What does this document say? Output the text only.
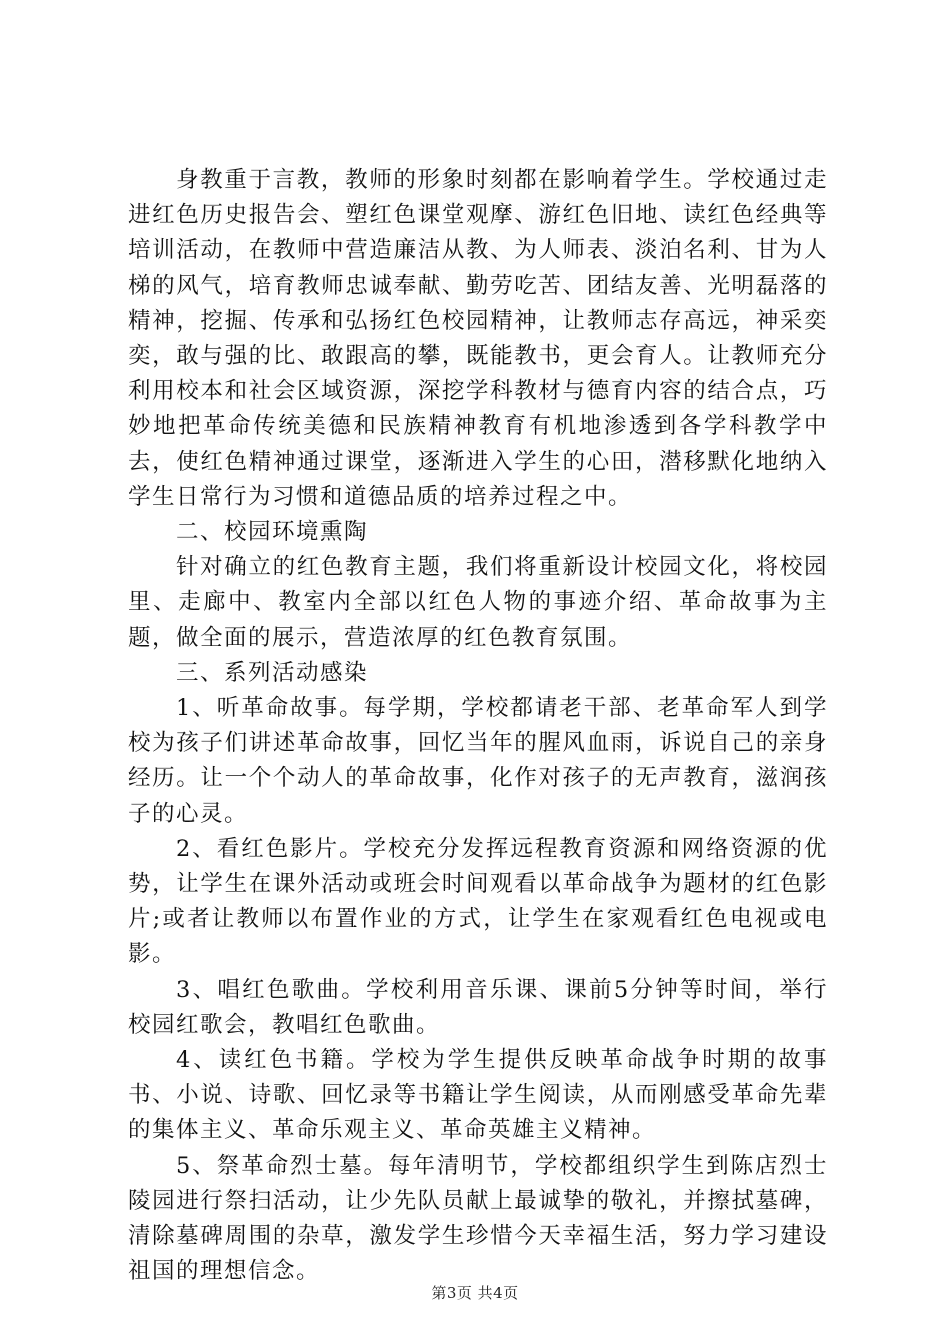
身教重于言教，教师的形象时刻都在影响着学生。学校通过走进红色历史报告会、塑红色课堂观摩、游红色旧地、读红色经典等培训活动，在教师中营造廉洁从教、为人师表、淡泊名利、甘为人梯的风气，培育教师忠诚奉献、勤劳吃苦、团结友善、光明磊落的精神，挖掘、传承和弘扬红色校园精神，让教师志存高远，神采奕奕，敢与强的比、敢跟高的攀，既能教书，更会育人。让教师充分利用校本和社会区域资源，深挖学科教材与德育内容的结合点，巧妙地把革命传统美德和民族精神教育有机地渗透到各学科教学中去，使红色精神通过课堂，逐渐进入学生的心田，潜移默化地纳入学生日常行为习惯和道德品质的培养过程之中。

二、校园环境熏陶

针对确立的红色教育主题，我们将重新设计校园文化，将校园里、走廊中、教室内全部以红色人物的事迹介绍、革命故事为主题，做全面的展示，营造浓厚的红色教育氛围。

三、系列活动感染

1、听革命故事。每学期，学校都请老干部、老革命军人到学校为孩子们讲述革命故事，回忆当年的腥风血雨，诉说自己的亲身经历。让一个个动人的革命故事，化作对孩子的无声教育，滋润孩子的心灵。

2、看红色影片。学校充分发挥远程教育资源和网络资源的优势，让学生在课外活动或班会时间观看以革命战争为题材的红色影片;或者让教师以布置作业的方式，让学生在家观看红色电视或电影。

3、唱红色歌曲。学校利用音乐课、课前5分钟等时间，举行校园红歌会，教唱红色歌曲。

4、读红色书籍。学校为学生提供反映革命战争时期的故事书、小说、诗歌、回忆录等书籍让学生阅读，从而刚感受革命先辈的集体主义、革命乐观主义、革命英雄主义精神。

5、祭革命烈士墓。每年清明节，学校都组织学生到陈店烈士陵园进行祭扫活动，让少先队员献上最诚挚的敬礼，并擦拭墓碑，清除墓碑周围的杂草，激发学生珍惜今天幸福生活，努力学习建设祖国的理想信念。

第3页 共4页
